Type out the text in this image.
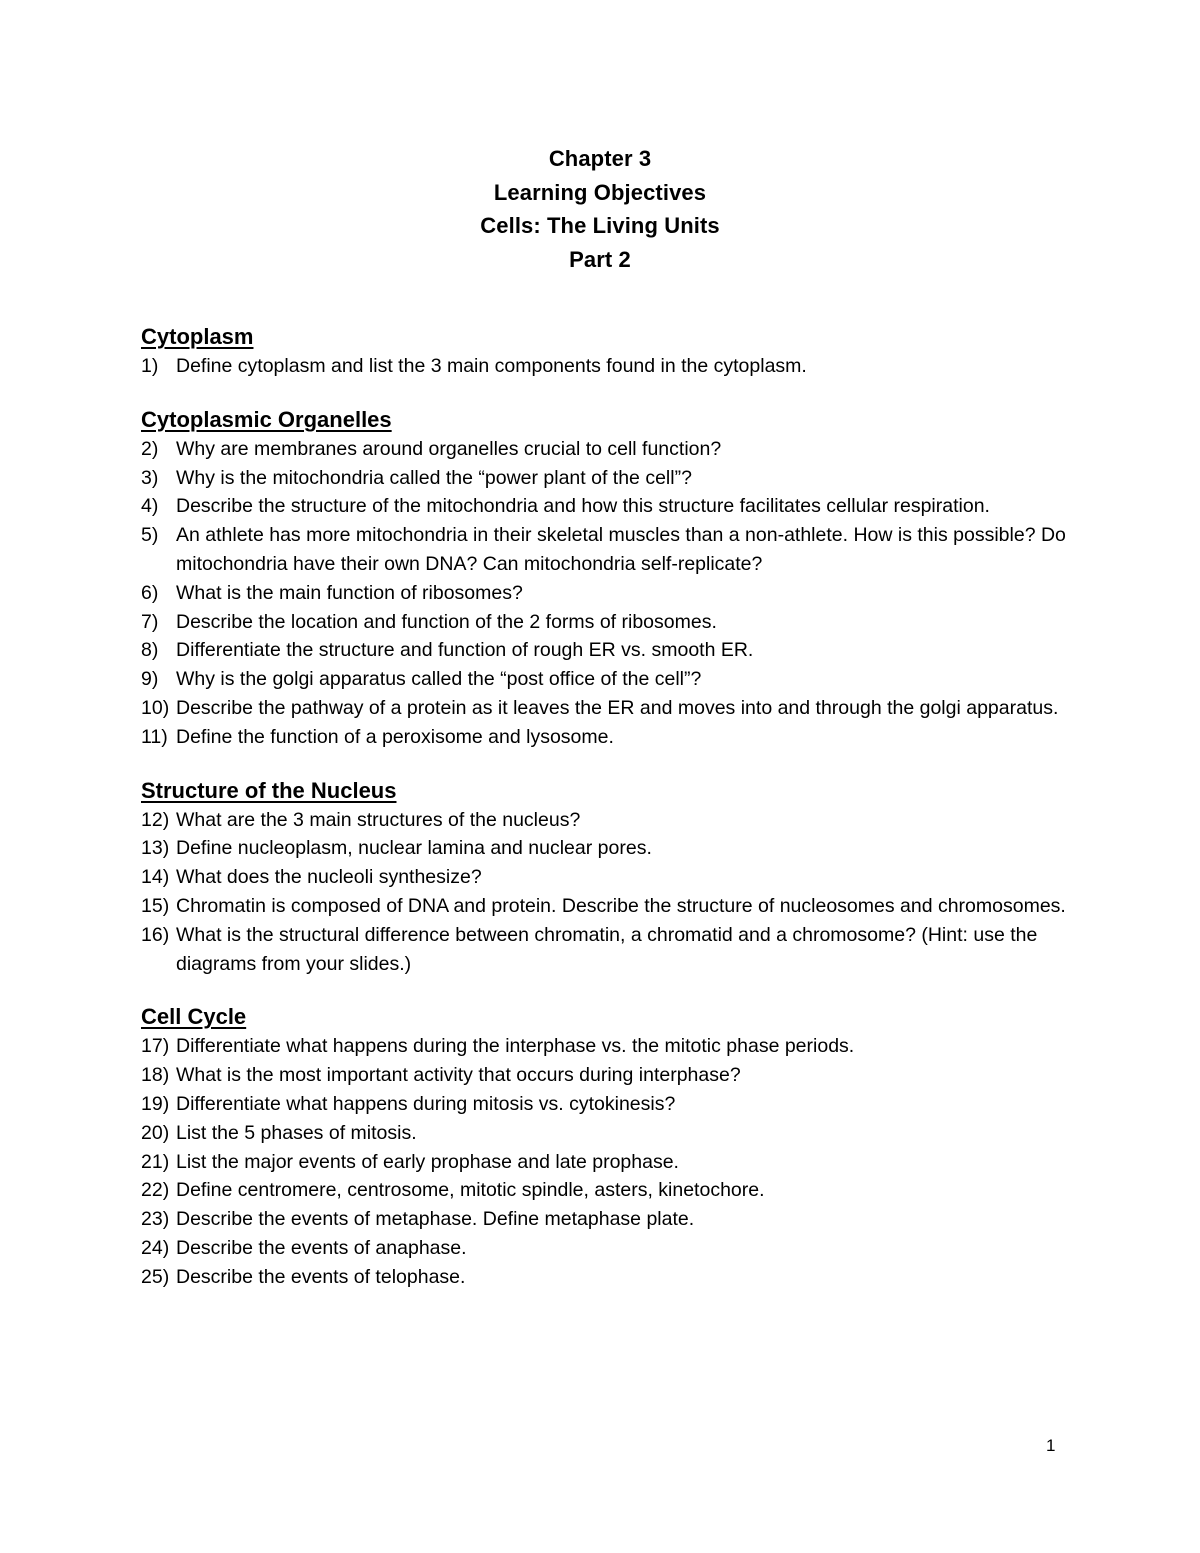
Chapter 3
Learning Objectives
Cells: The Living Units
Part 2
Cytoplasm
1) Define cytoplasm and list the 3 main components found in the cytoplasm.
Cytoplasmic Organelles
2) Why are membranes around organelles crucial to cell function?
3) Why is the mitochondria called the “power plant of the cell”?
4) Describe the structure of the mitochondria and how this structure facilitates cellular respiration.
5) An athlete has more mitochondria in their skeletal muscles than a non-athlete. How is this possible? Do mitochondria have their own DNA? Can mitochondria self-replicate?
6) What is the main function of ribosomes?
7) Describe the location and function of the 2 forms of ribosomes.
8) Differentiate the structure and function of rough ER vs. smooth ER.
9) Why is the golgi apparatus called the “post office of the cell”?
10) Describe the pathway of a protein as it leaves the ER and moves into and through the golgi apparatus.
11) Define the function of a peroxisome and lysosome.
Structure of the Nucleus
12) What are the 3 main structures of the nucleus?
13) Define nucleoplasm, nuclear lamina and nuclear pores.
14) What does the nucleoli synthesize?
15) Chromatin is composed of DNA and protein. Describe the structure of nucleosomes and chromosomes.
16) What is the structural difference between chromatin, a chromatid and a chromosome? (Hint: use the diagrams from your slides.)
Cell Cycle
17) Differentiate what happens during the interphase vs. the mitotic phase periods.
18) What is the most important activity that occurs during interphase?
19) Differentiate what happens during mitosis vs. cytokinesis?
20) List the 5 phases of mitosis.
21) List the major events of early prophase and late prophase.
22) Define centromere, centrosome, mitotic spindle, asters, kinetochore.
23) Describe the events of metaphase. Define metaphase plate.
24) Describe the events of anaphase.
25) Describe the events of telophase.
1
